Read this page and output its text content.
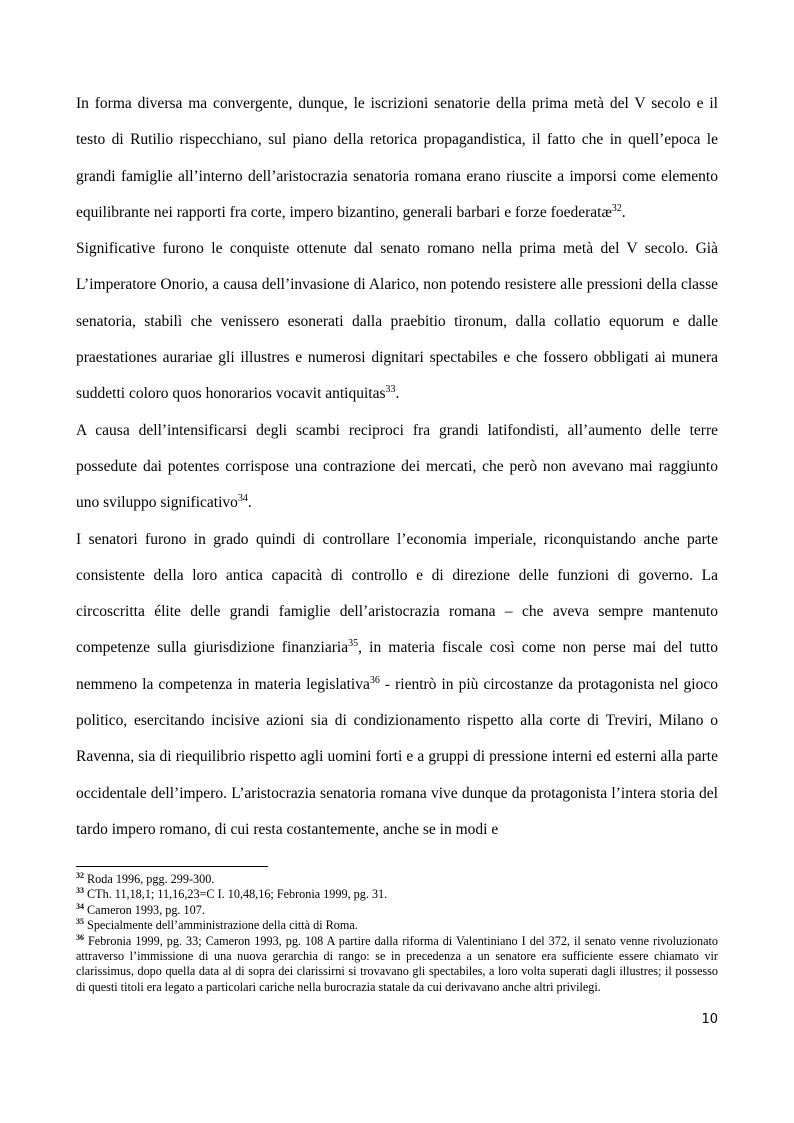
In forma diversa ma convergente, dunque, le iscrizioni senatorie della prima metà del V secolo e il testo di Rutilio rispecchiano, sul piano della retorica propagandistica, il fatto che in quell’epoca le grandi famiglie all’interno dell’aristocrazia senatoria romana erano riuscite a imporsi come elemento equilibrante nei rapporti fra corte, impero bizantino, generali barbari e forze foederatæ$^{32}$.

Significative furono le conquiste ottenute dal senato romano nella prima metà del V secolo. Già L’imperatore Onorio, a causa dell’invasione di Alarico, non potendo resistere alle pressioni della classe senatoria, stabilì che venissero esonerati dalla praebitio tironum, dalla collatio equorum e dalle praestationes aurariae gli illustres e numerosi dignitari spectabiles e che fossero obbligati ai munera suddetti coloro quos honorarios vocavit antiquitas$^{33}$.

A causa dell’intensificarsi degli scambi reciproci fra grandi latifondisti, all’aumento delle terre possedute dai potentes corrispose una contrazione dei mercati, che però non avevano mai raggiunto uno sviluppo significativo$^{34}$.

I senatori furono in grado quindi di controllare l’economia imperiale, riconquistando anche parte consistente della loro antica capacità di controllo e di direzione delle funzioni di governo. La circoscritta élite delle grandi famiglie dell’aristocrazia romana – che aveva sempre mantenuto competenze sulla giurisdizione finanziaria$^{35}$, in materia fiscale così come non perse mai del tutto nemmeno la competenza in materia legislativa$^{36}$ - rientrò in più circostanze da protagonista nel gioco politico, esercitando incisive azioni sia di condizionamento rispetto alla corte di Treviri, Milano o Ravenna, sia di riequilibrio rispetto agli uomini forti e a gruppi di pressione interni ed esterni alla parte occidentale dell’impero. L’aristocrazia senatoria romana vive dunque da protagonista l’intera storia del tardo impero romano, di cui resta costantemente, anche se in modi e

$^{32}$ Roda 1996, pgg. 299-300.
$^{33}$ CTh. 11,18,1; 11,16,23=C I. 10,48,16; Febronia 1999, pg. 31.
$^{34}$ Cameron 1993, pg. 107.
$^{35}$ Specialmente dell’amministrazione della città di Roma.
$^{36}$ Febronia 1999, pg. 33; Cameron 1993, pg. 108 A partire dalla riforma di Valentiniano I del 372, il senato venne rivoluzionato attraverso l’immissione di una nuova gerarchia di rango: se in precedenza a un senatore era sufficiente essere chiamato vir clarissimus, dopo quella data al di sopra dei clarissirni si trovavano gli spectabiles, a loro volta superati dagli illustres; il possesso di questi titoli era legato a particolari cariche nella burocrazia statale da cui derivavano anche altri privilegi.
10
